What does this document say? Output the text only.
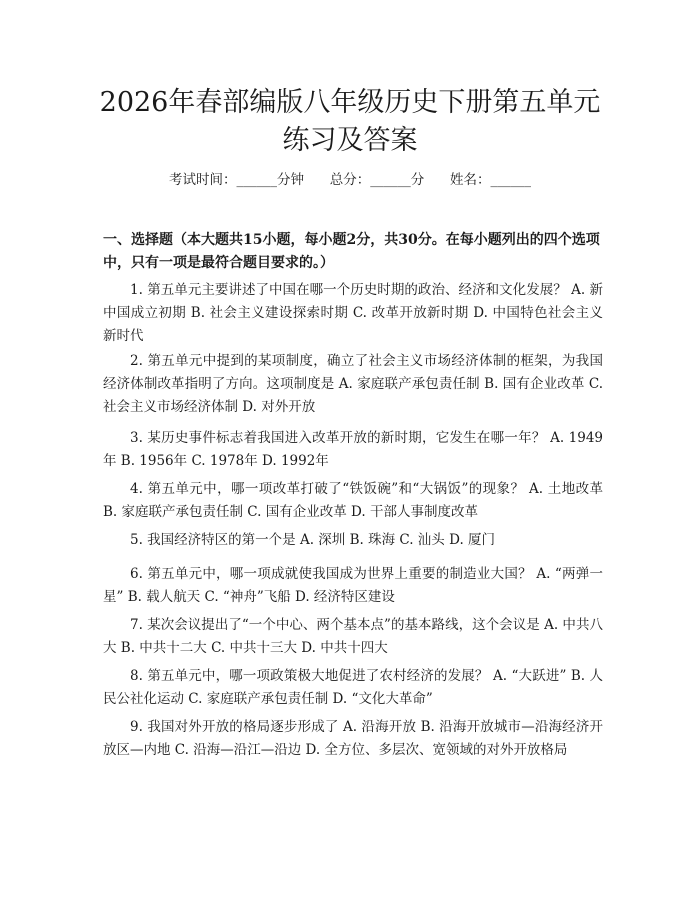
2026年春部编版八年级历史下册第五单元练习及答案
考试时间：______分钟      总分：______分      姓名：______

一、选择题（本大题共15小题，每小题2分，共30分。在每小题列出的四个选项中，只有一项是最符合题目要求的。）

1. 第五单元主要讲述了中国在哪一个历史时期的政治、经济和文化发展？ A. 新中国成立初期 B. 社会主义建设探索时期 C. 改革开放新时期 D. 中国特色社会主义新时代

2. 第五单元中提到的某项制度，确立了社会主义市场经济体制的框架，为我国经济体制改革指明了方向。这项制度是 A. 家庭联产承包责任制 B. 国有企业改革 C. 社会主义市场经济体制 D. 对外开放

3. 某历史事件标志着我国进入改革开放的新时期，它发生在哪一年？ A. 1949年 B. 1956年 C. 1978年 D. 1992年

4. 第五单元中，哪一项改革打破了“铁饭碗”和“大锅饭”的现象？ A. 土地改革 B. 家庭联产承包责任制 C. 国有企业改革 D. 干部人事制度改革

5. 我国经济特区的第一个是 A. 深圳 B. 珠海 C. 汕头 D. 厦门

6. 第五单元中，哪一项成就使我国成为世界上重要的制造业大国？ A. “两弹一星” B. 载人航天 C. “神舟”飞船 D. 经济特区建设

7. 某次会议提出了“一个中心、两个基本点”的基本路线，这个会议是 A. 中共八大 B. 中共十二大 C. 中共十三大 D. 中共十四大

8. 第五单元中，哪一项政策极大地促进了农村经济的发展？ A. “大跃进” B. 人民公社化运动 C. 家庭联产承包责任制 D. “文化大革命”

9. 我国对外开放的格局逐步形成了 A. 沿海开放 B. 沿海开放城市—沿海经济开放区—内地 C. 沿海—沿江—沿边 D. 全方位、多层次、宽领域的对外开放格局
